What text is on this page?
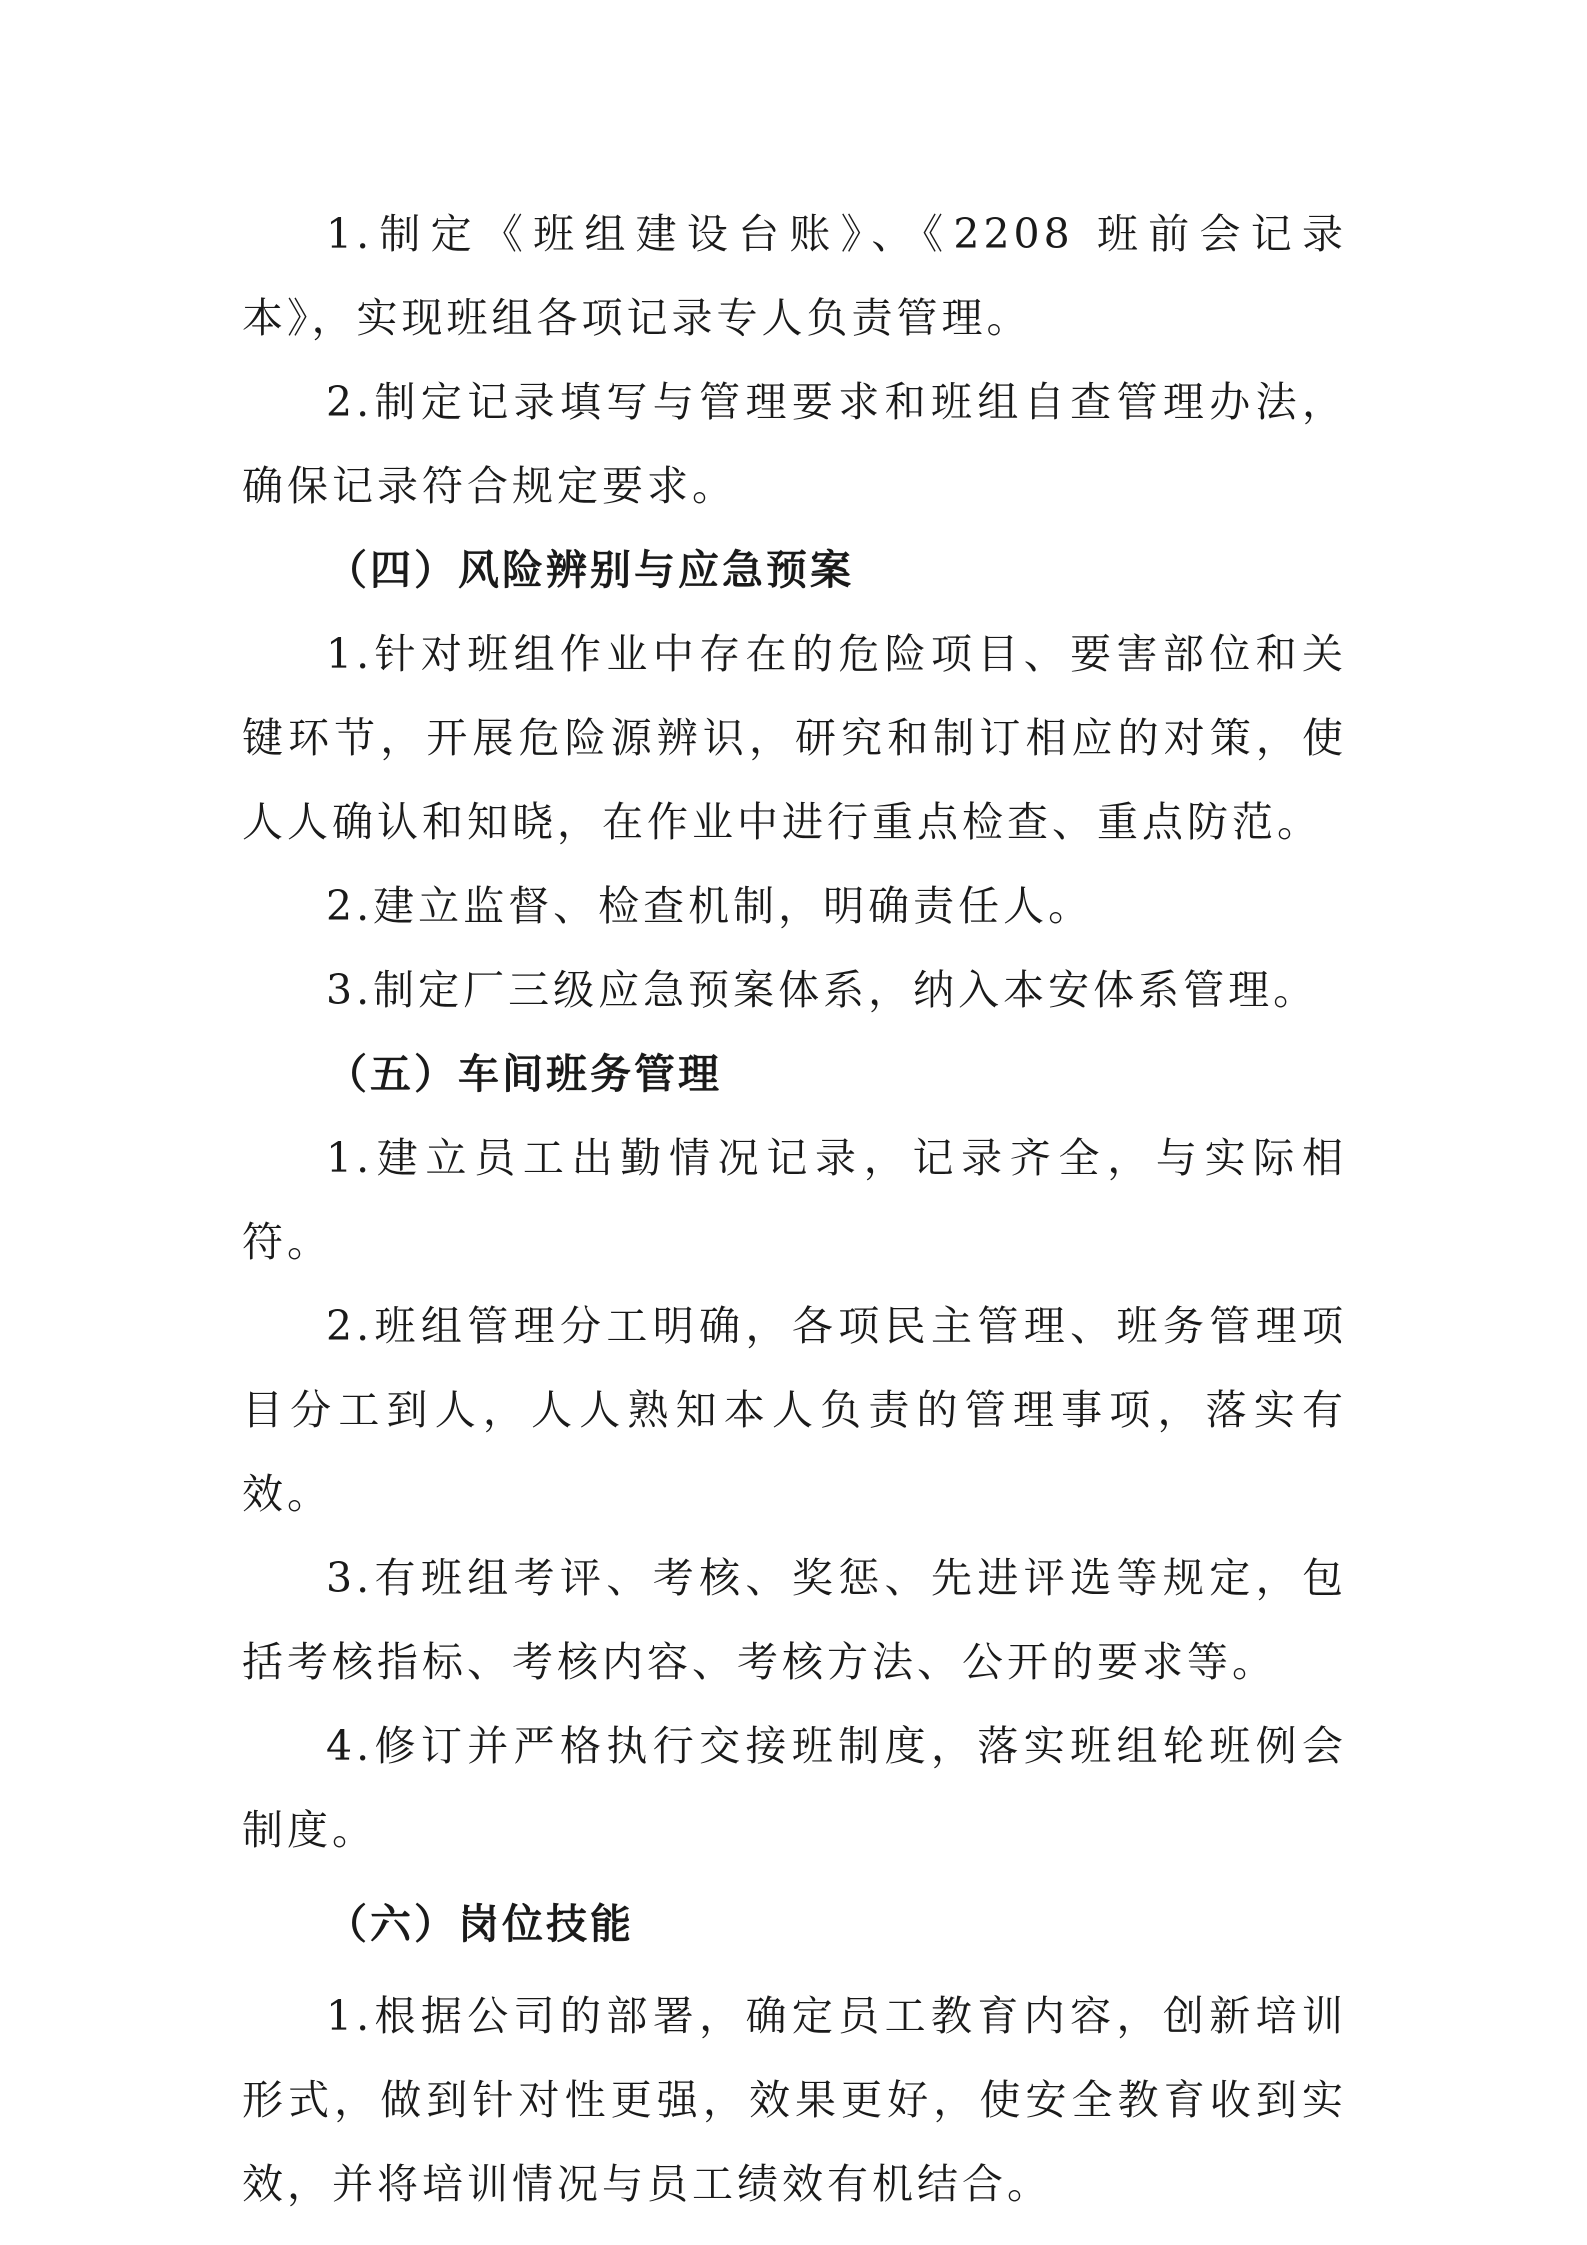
1.制定《班组建设台账》、《2208 班前会记录本》，实现班组各项记录专人负责管理。

2.制定记录填写与管理要求和班组自查管理办法，确保记录符合规定要求。

（四）风险辨别与应急预案

1.针对班组作业中存在的危险项目、要害部位和关键环节，开展危险源辨识，研究和制订相应的对策，使人人确认和知晓，在作业中进行重点检查、重点防范。

2.建立监督、检查机制，明确责任人。

3.制定厂三级应急预案体系，纳入本安体系管理。

（五）车间班务管理

1.建立员工出勤情况记录，记录齐全，与实际相符。

2.班组管理分工明确，各项民主管理、班务管理项目分工到人，人人熟知本人负责的管理事项，落实有效。

3.有班组考评、考核、奖惩、先进评选等规定，包括考核指标、考核内容、考核方法、公开的要求等。

4.修订并严格执行交接班制度，落实班组轮班例会制度。

（六）岗位技能

1.根据公司的部署，确定员工教育内容，创新培训形式，做到针对性更强，效果更好，使安全教育收到实效，并将培训情况与员工绩效有机结合。
